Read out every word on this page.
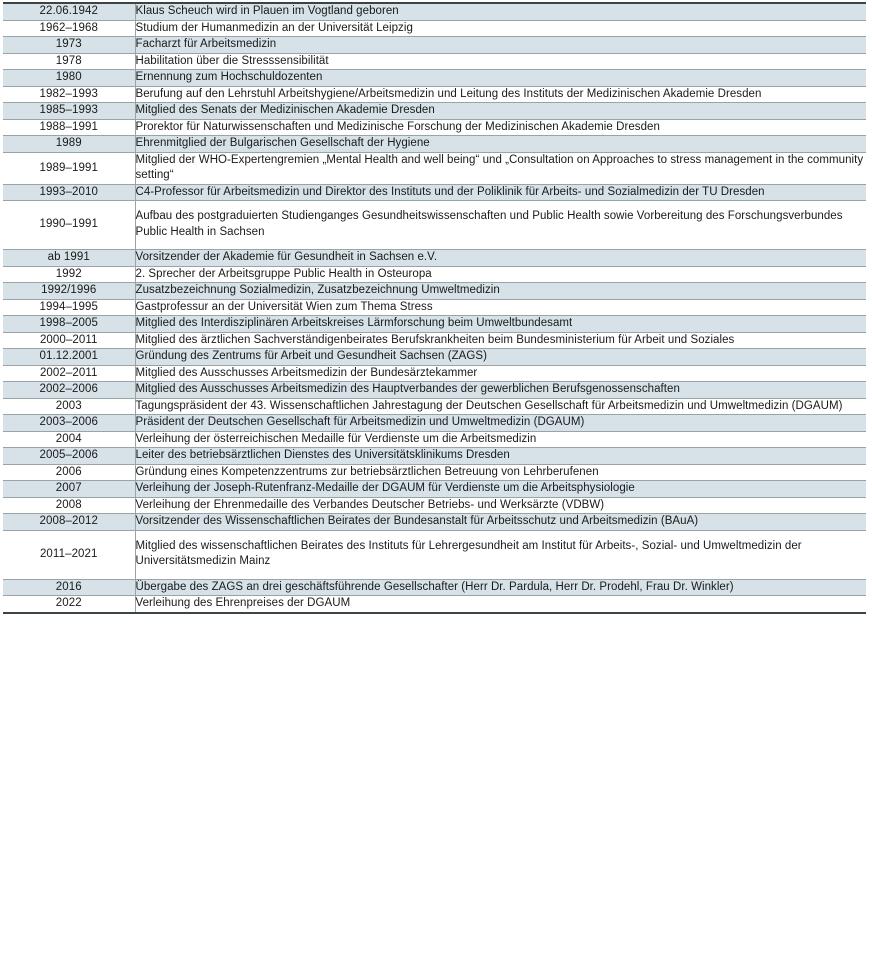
22.06.1942	Klaus Scheuch wird in Plauen im Vogtland geboren
1962–1968	Studium der Humanmedizin an der Universität Leipzig
1973	Facharzt für Arbeitsmedizin
1978	Habilitation über die Stresssensibilität
1980	Ernennung zum Hochschuldozenten
1982–1993	Berufung auf den Lehrstuhl Arbeitshygiene/Arbeitsmedizin und Leitung des Instituts der Medizinischen Akademie Dresden
1985–1993	Mitglied des Senats der Medizinischen Akademie Dresden
1988–1991	Prorektor für Naturwissenschaften und Medizinische Forschung der Medizinischen Akademie Dresden
1989	Ehrenmitglied der Bulgarischen Gesellschaft der Hygiene
1989–1991	Mitglied der WHO-Expertengremien „Mental Health and well being“ und „Consultation on Approaches to stress management in the community setting“
1993–2010	C4-Professor für Arbeitsmedizin und Direktor des Instituts und der Poliklinik für Arbeits- und Sozialmedizin der TU Dresden
1990–1991	Aufbau des postgraduierten Studienganges Gesundheitswissenschaften und Public Health sowie Vorbereitung des Forschungsverbundes Public Health in Sachsen
ab 1991	Vorsitzender der Akademie für Gesundheit in Sachsen e.V.
1992	2. Sprecher der Arbeitsgruppe Public Health in Osteuropa
1992/1996	Zusatzbezeichnung Sozialmedizin, Zusatzbezeichnung Umweltmedizin
1994–1995	Gastprofessur an der Universität Wien zum Thema Stress
1998–2005	Mitglied des Interdisziplinären Arbeitskreises Lärmforschung beim Umweltbundesamt
2000–2011	Mitglied des ärztlichen Sachverständigenbeirates Berufskrankheiten beim Bundesministerium für Arbeit und Soziales
01.12.2001	Gründung des Zentrums für Arbeit und Gesundheit Sachsen (ZAGS)
2002–2011	Mitglied des Ausschusses Arbeitsmedizin der Bundesärztekammer
2002–2006	Mitglied des Ausschusses Arbeitsmedizin des Hauptverbandes der gewerblichen Berufsgenossenschaften
2003	Tagungspräsident der 43. Wissenschaftlichen Jahrestagung der Deutschen Gesellschaft für Arbeitsmedizin und Umweltmedizin (DGAUM)
2003–2006	Präsident der Deutschen Gesellschaft für Arbeitsmedizin und Umweltmedizin (DGAUM)
2004	Verleihung der österreichischen Medaille für Verdienste um die Arbeitsmedizin
2005–2006	Leiter des betriebsärztlichen Dienstes des Universitätsklinikums Dresden
2006	Gründung eines Kompetenzzentrums zur betriebsärztlichen Betreuung von Lehrberufenen
2007	Verleihung der Joseph-Rutenfranz-Medaille der DGAUM für Verdienste um die Arbeitsphysiologie
2008	Verleihung der Ehrenmedaille des Verbandes Deutscher Betriebs- und Werksärzte (VDBW)
2008–2012	Vorsitzender des Wissenschaftlichen Beirates der Bundesanstalt für Arbeitsschutz und Arbeitsmedizin (BAuA)
2011–2021	Mitglied des wissenschaftlichen Beirates des Instituts für Lehrergesundheit am Institut für Arbeits-, Sozial- und Umweltmedizin der Universitätsmedizin Mainz
2016	Übergabe des ZAGS an drei geschäftsführende Gesellschafter (Herr Dr. Pardula, Herr Dr. Prodehl, Frau Dr. Winkler)
2022	Verleihung des Ehrenpreises der DGAUM
